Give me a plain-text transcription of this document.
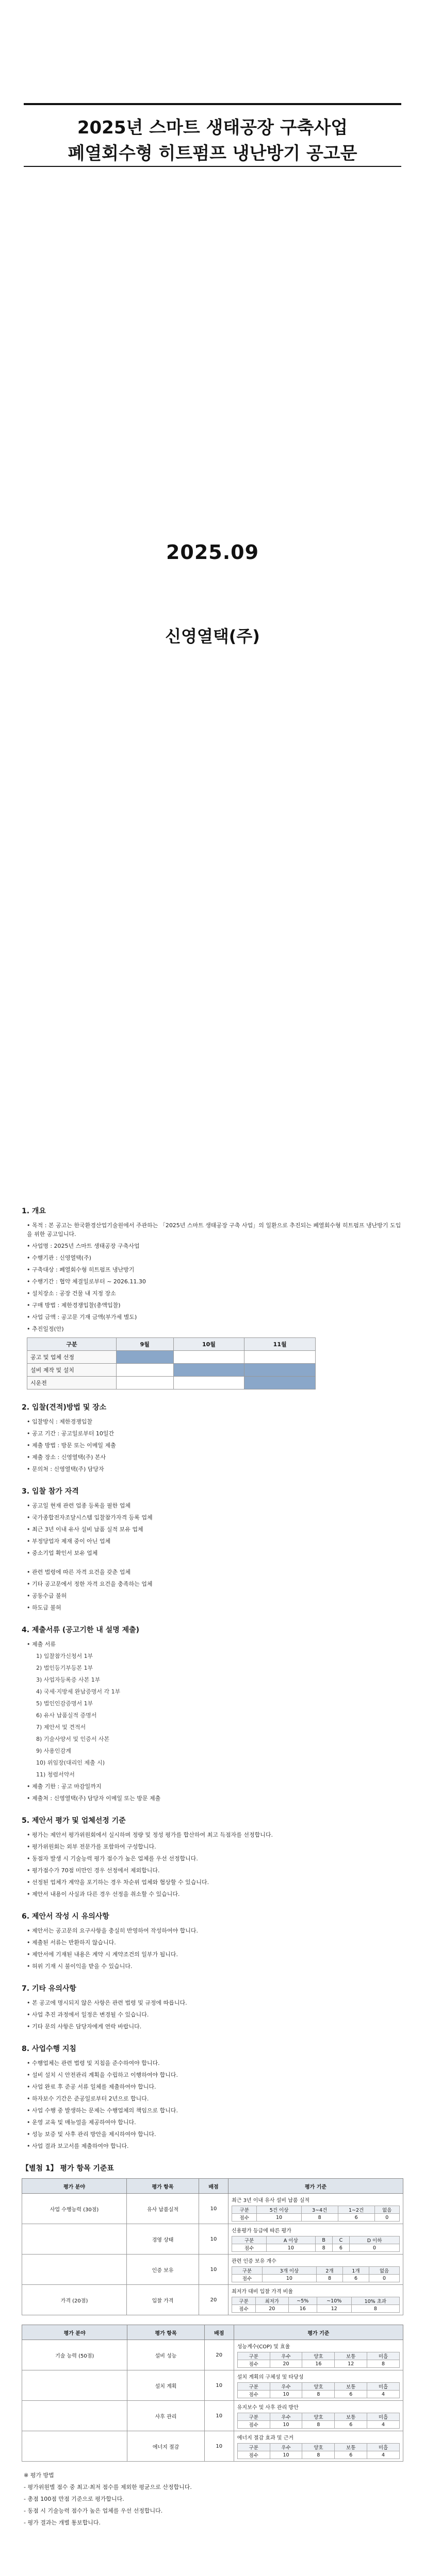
2025년 스마트 생태공장 구축사업
폐열회수형 히트펌프 냉난방기 공고문
2025.09
신영열택(주)
1. 개요
• 목적 : 본 공고는 한국환경산업기술원에서 주관하는 「2025년 스마트 생태공장 구축 사업」의 일환으로 추진되는 폐열회수형 히트펌프 냉난방기 도입을 위한 공고입니다.
• 사업명 : 2025년 스마트 생태공장 구축사업
• 수행기관 : 신영열택(주)
• 구축대상 : 폐열회수형 히트펌프 냉난방기
• 수행기간 : 협약 체결일로부터 ~ 2026.11.30
• 설치장소 : 공장 건물 내 지정 장소
• 구매 방법 : 제한경쟁입찰(총액입찰)
• 사업 금액 : 공고문 기재 금액(부가세 별도)
• 추진일정(안)
구분	9월	10월	11월
공고 및 업체 선정			
설비 제작 및 설치			
시운전			
2. 입찰(견적)방법 및 장소
• 입찰방식 : 제한경쟁입찰
• 공고 기간 : 공고일로부터 10일간
• 제출 방법 : 방문 또는 이메일 제출
• 제출 장소 : 신영열택(주) 본사
• 문의처 : 신영열택(주) 담당자
3. 입찰 참가 자격
• 공고일 현재 관련 업종 등록을 필한 업체
• 국가종합전자조달시스템 입찰참가자격 등록 업체
• 최근 3년 이내 유사 설비 납품 실적 보유 업체
• 부정당업자 제재 중이 아닌 업체
• 중소기업 확인서 보유 업체
• 관련 법령에 따른 자격 요건을 갖춘 업체
• 기타 공고문에서 정한 자격 요건을 충족하는 업체
• 공동수급 불허
• 하도급 불허
4. 제출서류 (공고기한 내 설명 제출)
• 제출 서류
1) 입찰참가신청서 1부
2) 법인등기부등본 1부
3) 사업자등록증 사본 1부
4) 국세·지방세 완납증명서 각 1부
5) 법인인감증명서 1부
6) 유사 납품실적 증명서
7) 제안서 및 견적서
8) 기술사양서 및 인증서 사본
9) 사용인감계
10) 위임장(대리인 제출 시)
11) 청렴서약서
• 제출 기한 : 공고 마감일까지
• 제출처 : 신영열택(주) 담당자 이메일 또는 방문 제출
5. 제안서 평가 및 업체선정 기준
• 평가는 제안서 평가위원회에서 실시하며 정량 및 정성 평가를 합산하여 최고 득점자를 선정합니다.
• 평가위원회는 외부 전문가를 포함하여 구성합니다.
• 동점자 발생 시 기술능력 평가 점수가 높은 업체를 우선 선정합니다.
• 평가점수가 70점 미만인 경우 선정에서 제외합니다.
• 선정된 업체가 계약을 포기하는 경우 차순위 업체와 협상할 수 있습니다.
• 제안서 내용이 사실과 다른 경우 선정을 취소할 수 있습니다.
6. 제안서 작성 시 유의사항
• 제안서는 공고문의 요구사항을 충실히 반영하여 작성하여야 합니다.
• 제출된 서류는 반환하지 않습니다.
• 제안서에 기재된 내용은 계약 시 계약조건의 일부가 됩니다.
• 허위 기재 시 불이익을 받을 수 있습니다.
7. 기타 유의사항
• 본 공고에 명시되지 않은 사항은 관련 법령 및 규정에 따릅니다.
• 사업 추진 과정에서 일정은 변경될 수 있습니다.
• 기타 문의 사항은 담당자에게 연락 바랍니다.
8. 사업수행 지침
• 수행업체는 관련 법령 및 지침을 준수하여야 합니다.
• 설비 설치 시 안전관리 계획을 수립하고 이행하여야 합니다.
• 사업 완료 후 준공 서류 일체를 제출하여야 합니다.
• 하자보수 기간은 준공일로부터 2년으로 합니다.
• 사업 수행 중 발생하는 문제는 수행업체의 책임으로 합니다.
• 운영 교육 및 매뉴얼을 제공하여야 합니다.
• 성능 보증 및 사후 관리 방안을 제시하여야 합니다.
• 사업 결과 보고서를 제출하여야 합니다.
【별첨 1】 평가 항목 기준표
평가 분야	평가 항목	배점	평가 기준
사업 수행능력 (30점)	유사 납품실적	10	
최근 3년 이내 유사 설비 납품 실적
구분	5건 이상	3~4건	1~2건	없음
점수	10	8	6	0

	경영 상태	10	
신용평가 등급에 따른 평가
구분	A 이상	B	C	D 이하
점수	10	8	6	0

	인증 보유	10	
관련 인증 보유 개수
구분	3개 이상	2개	1개	없음
점수	10	8	6	0

가격 (20점)	입찰 가격	20	
최저가 대비 입찰 가격 비율
구분	최저가	~5%	~10%	10% 초과
점수	20	16	12	8
평가 분야	평가 항목	배점	평가 기준
기술 능력 (50점)	설비 성능	20	
성능계수(COP) 및 효율
구분	우수	양호	보통	미흡
점수	20	16	12	8

	설치 계획	10	
설치 계획의 구체성 및 타당성
구분	우수	양호	보통	미흡
점수	10	8	6	4

	사후 관리	10	
유지보수 및 사후 관리 방안
구분	우수	양호	보통	미흡
점수	10	8	6	4

	에너지 절감	10	
에너지 절감 효과 및 근거
구분	우수	양호	보통	미흡
점수	10	8	6	4
※ 평가 방법
- 평가위원별 점수 중 최고·최저 점수를 제외한 평균으로 산정합니다.
- 총점 100점 만점 기준으로 평가합니다.
- 동점 시 기술능력 점수가 높은 업체를 우선 선정합니다.
- 평가 결과는 개별 통보합니다.
